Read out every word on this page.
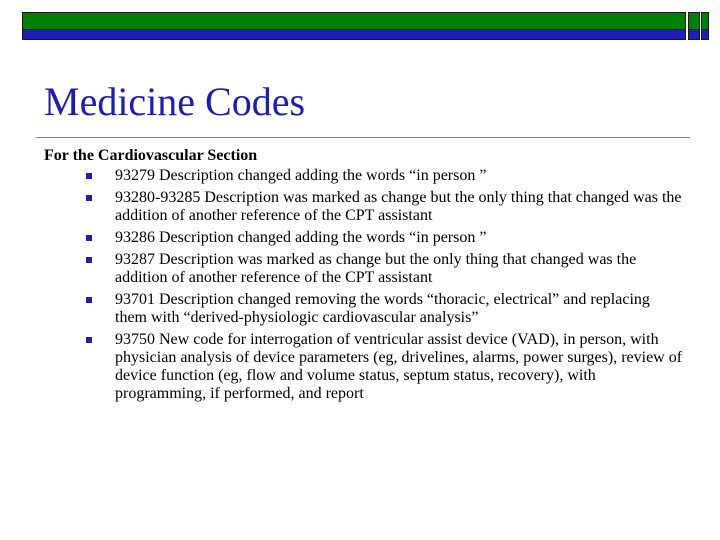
Medicine Codes

For the Cardiovascular Section

93279 Description changed adding the words “in person ”
93280-93285 Description was marked as change but the only thing that changed was the addition of another reference of the CPT assistant
93286 Description changed adding the words “in person ”
93287 Description was marked as change but the only thing that changed was the addition of another reference of the CPT assistant
93701 Description changed removing the words “thoracic, electrical” and replacing them with “derived-physiologic cardiovascular analysis”
93750 New code for interrogation of ventricular assist device (VAD), in person, with physician analysis of device parameters (eg, drivelines, alarms, power surges), review of device function (eg, flow and volume status, septum status, recovery), with programming, if performed, and report
